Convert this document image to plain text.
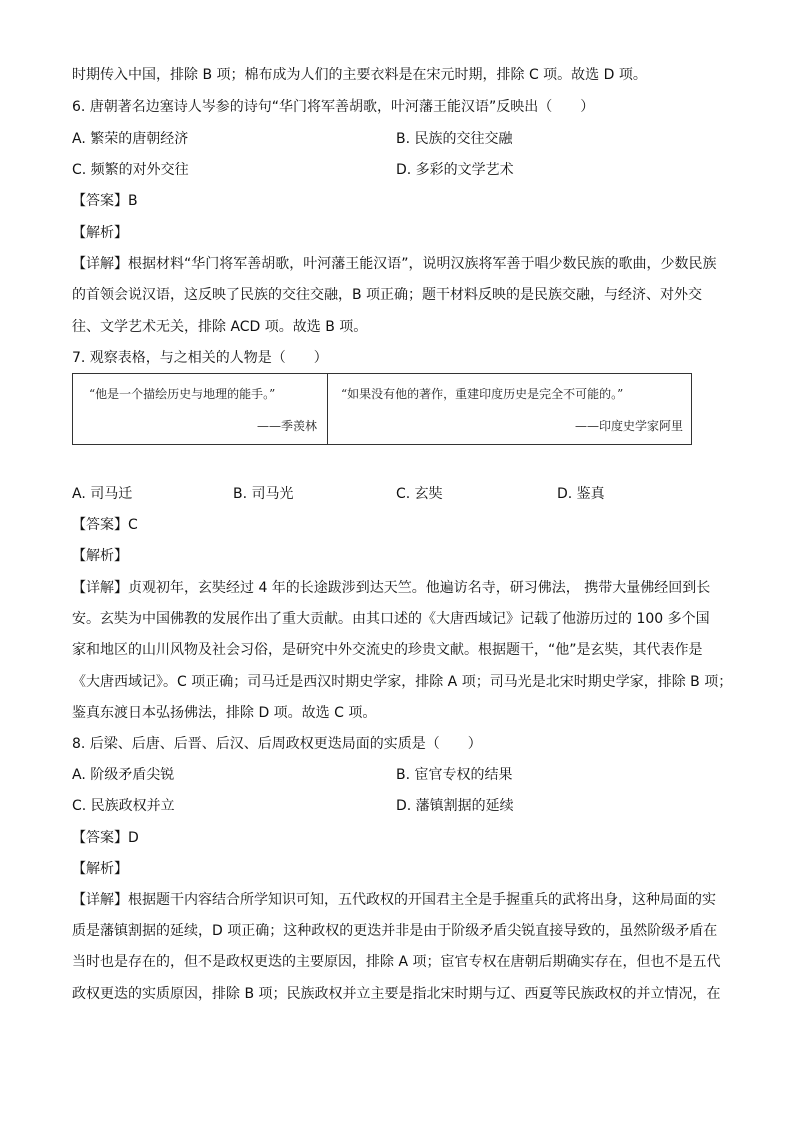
时期传入中国，排除 B 项；棉布成为人们的主要衣料是在宋元时期，排除 C 项。故选 D 项。
6. 唐朝著名边塞诗人岑参的诗句“华门将军善胡歌，叶河藩王能汉语”反映出（　　）
A. 繁荣的唐朝经济	B. 民族的交往交融
C. 频繁的对外交往	D. 多彩的文学艺术
【答案】B
【解析】
【详解】根据材料“华门将军善胡歌，叶河藩王能汉语”，说明汉族将军善于唱少数民族的歌曲，少数民族
的首领会说汉语，这反映了民族的交往交融，B 项正确；题干材料反映的是民族交融，与经济、对外交
往、文学艺术无关，排除 ACD 项。故选 B 项。
7. 观察表格，与之相关的人物是（　　）
“他是一个描绘历史与地理的能手。”
——季羡林
“如果没有他的著作，重建印度历史是完全不可能的。”
——印度史学家阿里
A. 司马迁	B. 司马光	C. 玄奘	D. 鉴真
【答案】C
【解析】
【详解】贞观初年，玄奘经过 4 年的长途跋涉到达天竺。他遍访名寺，研习佛法， 携带大量佛经回到长
安。玄奘为中国佛教的发展作出了重大贡献。由其口述的《大唐西域记》记载了他游历过的 100 多个国
家和地区的山川风物及社会习俗，是研究中外交流史的珍贵文献。根据题干，“他”是玄奘，其代表作是
《大唐西域记》。C 项正确；司马迁是西汉时期史学家，排除 A 项；司马光是北宋时期史学家，排除 B 项；
鉴真东渡日本弘扬佛法，排除 D 项。故选 C 项。
8. 后梁、后唐、后晋、后汉、后周政权更迭局面的实质是（　　）
A. 阶级矛盾尖锐	B. 宦官专权的结果
C. 民族政权并立	D. 藩镇割据的延续
【答案】D
【解析】
【详解】根据题干内容结合所学知识可知，五代政权的开国君主全是手握重兵的武将出身，这种局面的实
质是藩镇割据的延续，D 项正确；这种政权的更迭并非是由于阶级矛盾尖锐直接导致的，虽然阶级矛盾在
当时也是存在的，但不是政权更迭的主要原因，排除 A 项；宦官专权在唐朝后期确实存在，但也不是五代
政权更迭的实质原因，排除 B 项；民族政权并立主要是指北宋时期与辽、西夏等民族政权的并立情况，在
